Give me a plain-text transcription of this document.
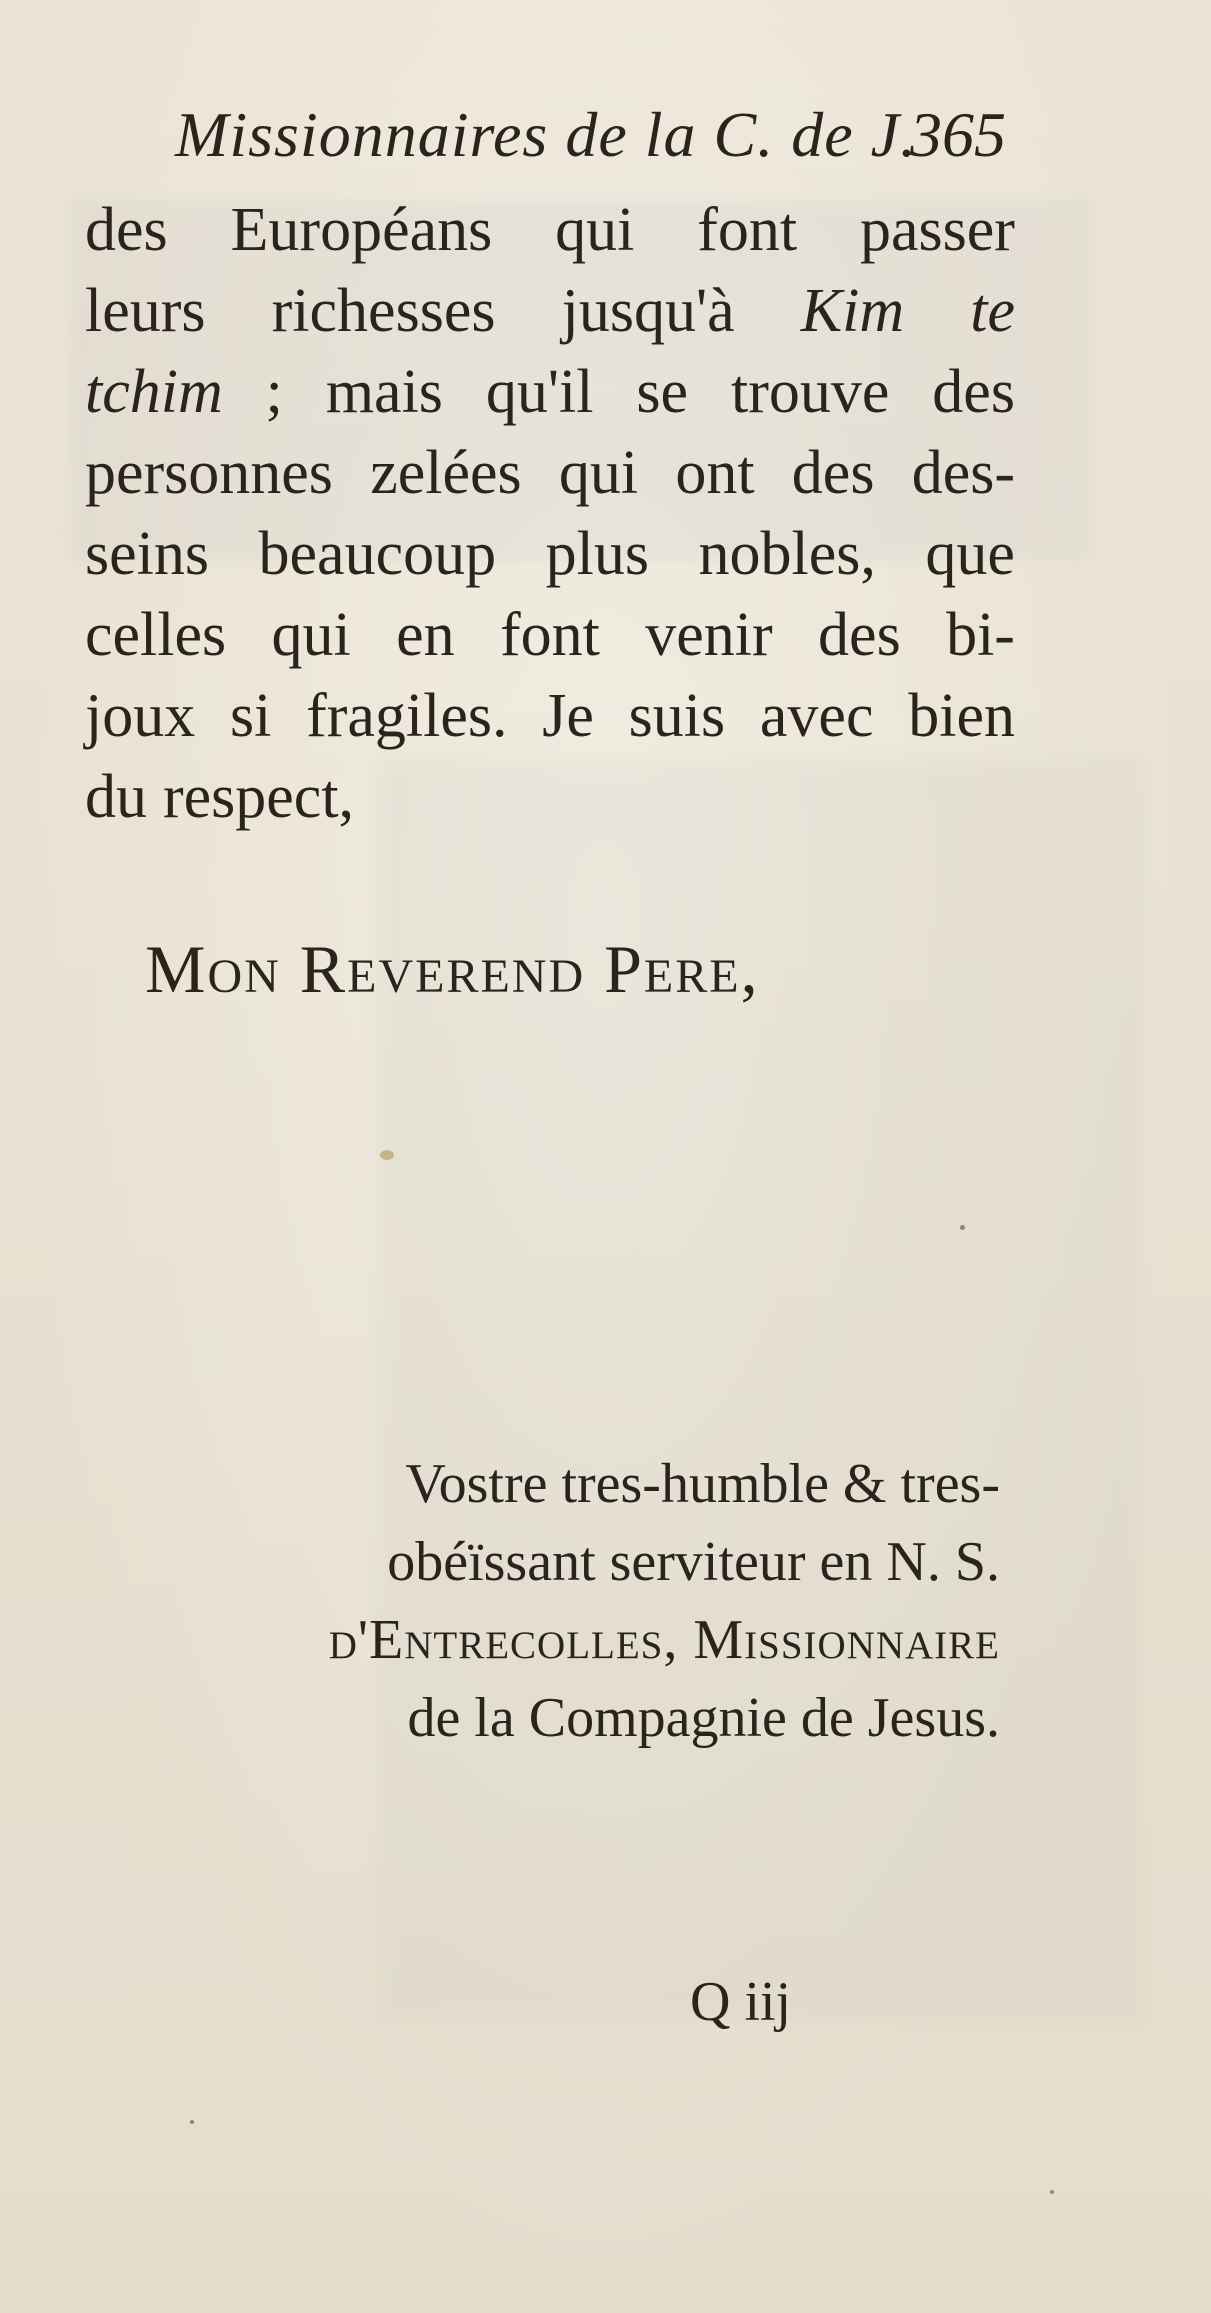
Missionnaires de la C. de J.
365
des Européans qui font passer
leurs richesses jusqu'à Kim te
tchim ; mais qu'il se trouve des
personnes zelées qui ont des des-
seins beaucoup plus nobles, que
celles qui en font venir des bi-
joux si fragiles. Je suis avec bien
du respect,
Mon Reverend Pere,
Vostre tres-humble & tres-
obéïssant serviteur en N. S.
d'Entrecolles, Missionnaire
de la Compagnie de Jesus.
Q iij
